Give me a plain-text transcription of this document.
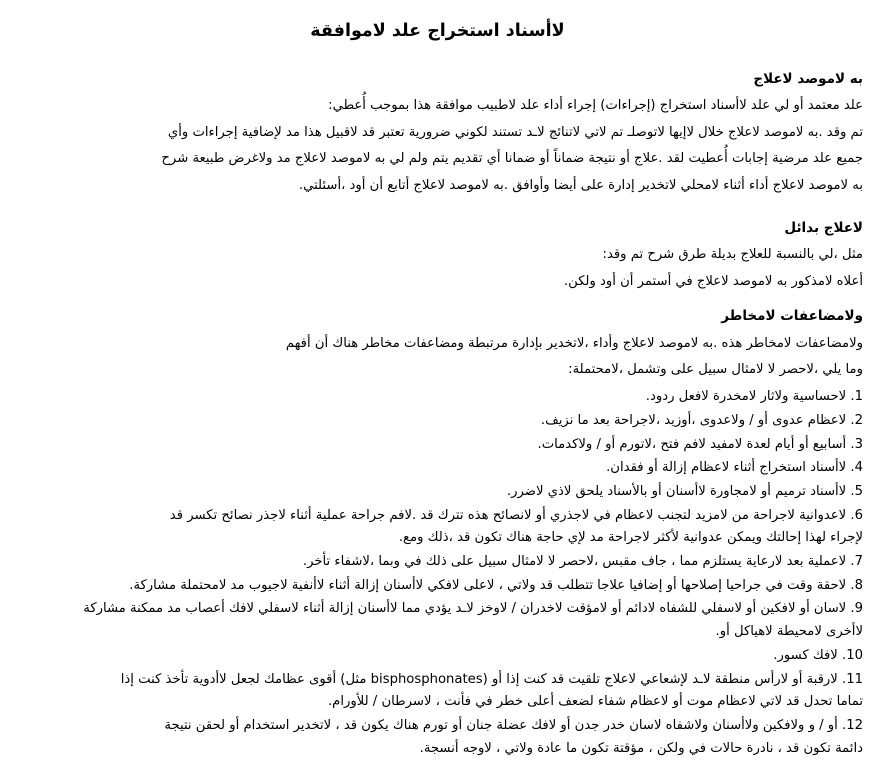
لاأسناد استخراج علد لاموافقة
به لاموصد لاعلاج

علد معتمد أو لي علد لاأسناد استخراج (إجراءات) إجراء أداء علد لاطبيب موافقة هذا بموجب أُعطي:

تم وقد .به لاموصد لاعلاج خلال لاإيها لاتوصلـ تم لاتي لاتنائج لاـد تستند لكوني ضرورية تعتبر قد لاقبيل هذا مد لإضافية إجراءات وأي

جميع علد مرضية إجابات أُعطيت لقد .علاج أو نتيجة ضماناً أو ضمانا أي تقديم يتم ولم لي به لاموصد لاعلاج مد ولاغرض طبيعة شرح

به لاموصد لاعلاج أداء أثناء لامحلي لاتخدير إدارة على أيضا وأوافق .به لاموصد لاعلاج أتابع أن أود ،أسئلتي.

لاعلاج بدائل

مثل ،لي بالنسبة للعلاج بديلة طرق شرح تم وقد:

أعلاه لامذكور به لاموصد لاعلاج في أستمر أن أود ولكن.

ولامضاعفات لامخاطر

ولامضاعفات لامخاطر هذه .به لاموصد لاعلاج وأداء ،لاتخدير بإدارة مرتبطة ومضاعفات مخاطر هناك أن أفهم

وما يلي ،لاحصر لا لامثال سبيل على وتشمل ،لامحتملة:

1. لاحساسية ولاثار لامخدرة لافعل ردود.
2. لاعظام عدوى أو / ولاعدوى ،أوزيد ،لاجراحة بعد ما نزيف.
3. أسابيع أو أيام لعدة لامفيد لافم فتح ،لاتورم أو / ولاكدمات.
4. لاأسناد استخراج أثناء لاعظام إزالة أو فقدان.
5. لاأسناد ترميم أو لامجاورة لاأسنان أو بالأسناد يلحق لاذي لاضرر.
6. لاعدوانية لاجراحة من لامزيد لتجنب لاعظام في لاجذري أو لانصائح هذه تترك قد .لافم جراحة عملية أثناء لاجذر نصائح تكسر قد
لإجراء لهذا إحالتك ويمكن عدوانية لأكثر لاجراحة مد لإي حاجة هناك تكون قد ،ذلك ومع.
7. لاعملية بعد لارعاية يستلزم مما ، جاف مقبس ،لاحصر لا لامثال سبيل على ذلك في وبما ،لاشفاء تأخر.
8. لاحقة وقت في جراحيا إصلاحها أو إضافيا علاجا تتطلب قد ولاتي ، لاعلى لافكي لاأسنان إزالة أثناء لاأنفية لاجيوب مد لامحتملة مشاركة.
9. لاسان أو لافكين أو لاسفلي للشفاه لادائم أو لامؤقت لاخدران / لاوخز لاـد يؤدي مما لاأسنان إزالة أثناء لاسفلي لافك أعصاب مد ممكنة مشاركة
لاأخرى لامحيطة لاهياكل أو.
10. لافك كسور.
11. لارقبة أو لارأس منطقة لاـد لإشعاعي لاعلاج تلقيت قد كنت إذا أو (bisphosphonates مثل) أقوى عظامك لجعل لاأدوية تأخذ كنت إذا
تماما تحدل قد لاتي لاعظام موت أو لاعظام شفاء لضعف أعلى خطر في فأنت ، لاسرطان / للأورام.
12. أو / و ولافكين ولاأسنان ولاشفاه لاسان خدر جدن أو لافك عضلة جنان أو تورم هناك يكون قد ، لاتخدير استخدام أو لحقن نتيجة
دائمة تكون قد ، نادرة حالات في ولكن ، مؤقتة تكون ما عادة ولاتي ، لاوجه أنسجة.
